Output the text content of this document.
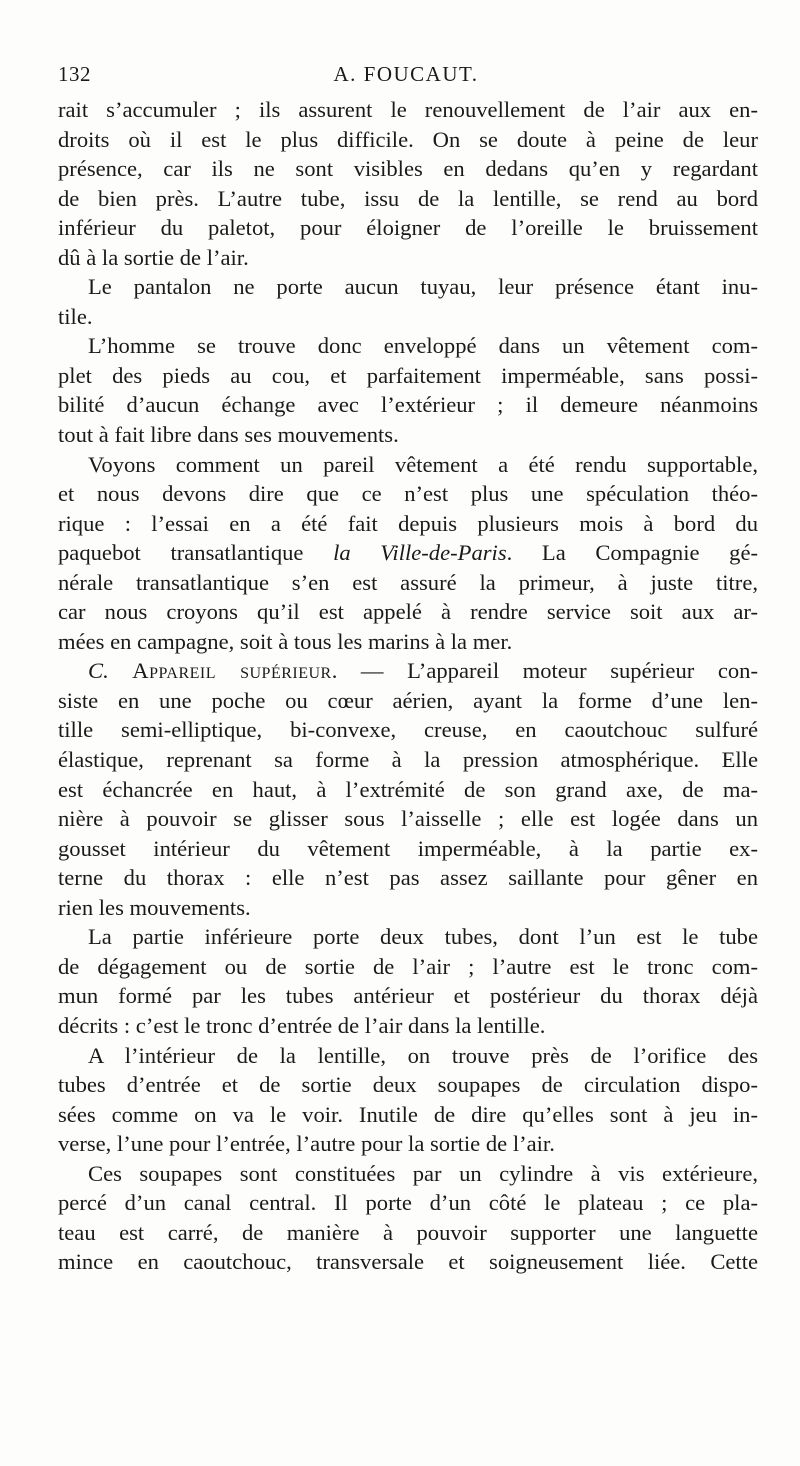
132	A. FOUCAUT.
rait s’accumuler ; ils assurent le renouvellement de l’air aux en-
droits où il est le plus difficile. On se doute à peine de leur
présence, car ils ne sont visibles en dedans qu’en y regardant
de bien près. L’autre tube, issu de la lentille, se rend au bord
inférieur du paletot, pour éloigner de l’oreille le bruissement
dû à la sortie de l’air.
Le pantalon ne porte aucun tuyau, leur présence étant inu-
tile.
L’homme se trouve donc enveloppé dans un vêtement com-
plet des pieds au cou, et parfaitement imperméable, sans possi-
bilité d’aucun échange avec l’extérieur ; il demeure néanmoins
tout à fait libre dans ses mouvements.
Voyons comment un pareil vêtement a été rendu supportable,
et nous devons dire que ce n’est plus une spéculation théo-
rique : l’essai en a été fait depuis plusieurs mois à bord du
paquebot transatlantique la Ville-de-Paris. La Compagnie gé-
nérale transatlantique s’en est assuré la primeur, à juste titre,
car nous croyons qu’il est appelé à rendre service soit aux ar-
mées en campagne, soit à tous les marins à la mer.
C. Appareil supérieur. — L’appareil moteur supérieur con-
siste en une poche ou cœur aérien, ayant la forme d’une len-
tille semi-elliptique, bi-convexe, creuse, en caoutchouc sulfuré
élastique, reprenant sa forme à la pression atmosphérique. Elle
est échancrée en haut, à l’extrémité de son grand axe, de ma-
nière à pouvoir se glisser sous l’aisselle ; elle est logée dans un
gousset intérieur du vêtement imperméable, à la partie ex-
terne du thorax : elle n’est pas assez saillante pour gêner en
rien les mouvements.
La partie inférieure porte deux tubes, dont l’un est le tube
de dégagement ou de sortie de l’air ; l’autre est le tronc com-
mun formé par les tubes antérieur et postérieur du thorax déjà
décrits : c’est le tronc d’entrée de l’air dans la lentille.
A l’intérieur de la lentille, on trouve près de l’orifice des
tubes d’entrée et de sortie deux soupapes de circulation dispo-
sées comme on va le voir. Inutile de dire qu’elles sont à jeu in-
verse, l’une pour l’entrée, l’autre pour la sortie de l’air.
Ces soupapes sont constituées par un cylindre à vis extérieure,
percé d’un canal central. Il porte d’un côté le plateau ; ce pla-
teau est carré, de manière à pouvoir supporter une languette
mince en caoutchouc, transversale et soigneusement liée. Cette
